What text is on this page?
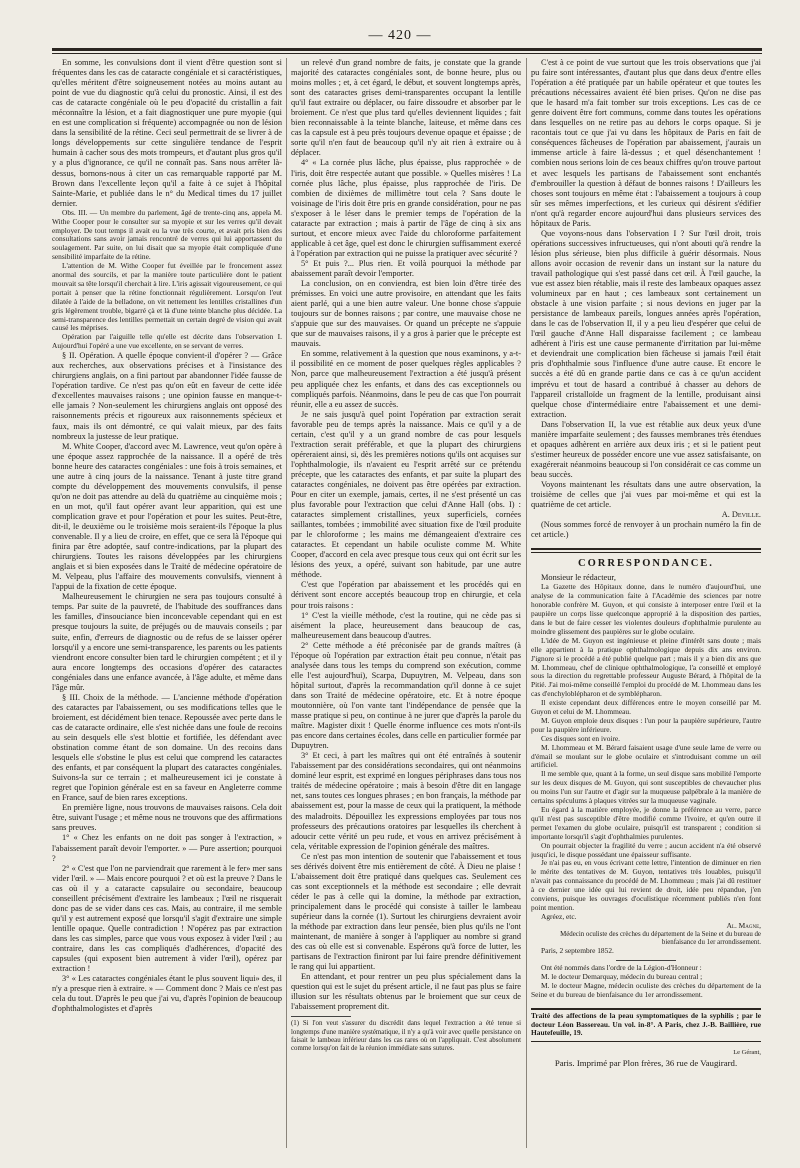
— 420 —

En somme, les convulsions dont il vient d'être question sont si fréquentes dans les cas de cataracte congéniale et si caractéristiques, qu'elles méritent d'être soigneusement notées au moins autant au point de vue du diagnostic qu'à celui du pronostic. Ainsi, il est des cas de cataracte congéniale où le peu d'opacité du cristallin a fait méconnaître la lésion, et a fait diagnostiquer une pure myopie (qui en est une complication si fréquente) accompagnée ou non de lésion dans la sensibilité de la rétine. Ceci seul permettrait de se livrer à de longs développements sur cette singulière tendance de l'esprit humain à cacher sous des mots trompeurs, et d'autant plus gros qu'il y a plus d'ignorance, ce qu'il ne connaît pas. Sans nous arrêter là-dessus, bornons-nous à citer un cas remarquable rapporté par M. Brown dans l'excellente leçon qu'il a faite à ce sujet à l'hôpital Sainte-Marie, et publiée dans le n° du Medical times du 17 juillet dernier.

Obs. III. — Un membre du parlement, âgé de trente-cinq ans, appela M. Withe Cooper pour le consulter sur sa myopie et sur les verres qu'il devait employer. De tout temps il avait eu la vue très courte, et avait pris bien des consultations sans avoir jamais rencontré de verres qui lui apportassent du soulagement. Par suite, on lui disait que sa myopie était compliquée d'une sensibilité imparfaite de la rétine.

L'attention de M. Withe Cooper fut éveillée par le froncement assez anormal des sourcils, et par la manière toute particulière dont le patient mouvait sa tête lorsqu'il cherchait à lire. L'iris agissait vigoureusement, ce qui portait à penser que la rétine fonctionnait régulièrement. Lorsqu'on l'eut dilatée à l'aide de la belladone, on vit nettement les lentilles cristallines d'un gris légèrement trouble, bigarré çà et là d'une teinte blanche plus décidée. La semi-transparence des lentilles permettait un certain degré de vision qui avait causé les méprises.

Opération par l'aiguille telle qu'elle est décrite dans l'observation I. Aujourd'hui l'opéré a une vue excellente, en se servant de verres.

§ II. Opération. A quelle époque convient-il d'opérer ? — Grâce aux recherches, aux observations précises et à l'insistance des chirurgiens anglais, on a fini partout par abandonner l'idée fausse de l'opération tardive. Ce n'est pas qu'on eût en faveur de cette idée d'excellentes mauvaises raisons ; une opinion fausse en manque-t-elle jamais ? Non-seulement les chirurgiens anglais ont opposé des raisonnements précis et rigoureux aux raisonnements spécieux et faux, mais ils ont démontré, ce qui valait mieux, par des faits nombreux la justesse de leur pratique.

M. White Cooper, d'accord avec M. Lawrence, veut qu'on opère à une époque assez rapprochée de la naissance. Il a opéré de très bonne heure des cataractes congéniales : une fois à trois semaines, et une autre à cinq jours de la naissance. Tenant à juste titre grand compte du développement des mouvements convulsifs, il pense qu'on ne doit pas attendre au delà du quatrième au cinquième mois ; en un mot, qu'il faut opérer avant leur apparition, qui est une complication grave et pour l'opération et pour les suites. Peut-être, dit-il, le deuxième ou le troisième mois seraient-ils l'époque la plus convenable. Il y a lieu de croire, en effet, que ce sera là l'époque qui finira par être adoptée, sauf contre-indications, par la plupart des chirurgiens. Toutes les raisons développées par les chirurgiens anglais et si bien exposées dans le Traité de médecine opératoire de M. Velpeau, plus l'affaire des mouvements convulsifs, viennent à l'appui de la fixation de cette époque.

Malheureusement le chirurgien ne sera pas toujours consulté à temps. Par suite de la pauvreté, de l'habitude des souffrances dans les familles, d'insouciance bien inconcevable cependant qui en est presque toujours la suite, de préjugés ou de mauvais conseils ; par suite, enfin, d'erreurs de diagnostic ou de refus de se laisser opérer lorsqu'il y a encore une semi-transparence, les parents ou les patients viendront encore consulter bien tard le chirurgien compétent ; et il y aura encore longtemps des occasions d'opérer des cataractes congéniales dans une enfance avancée, à l'âge adulte, et même dans l'âge mûr.

§ III. Choix de la méthode. — L'ancienne méthode d'opération des cataractes par l'abaissement, ou ses modifications telles que le broiement, est décidément bien tenace. Repoussée avec perte dans le cas de cataracte ordinaire, elle s'est nichée dans une foule de recoins au sein desquels elle s'est blottie et fortifiée, les défendant avec obstination comme étant de son domaine. Un des recoins dans lesquels elle s'obstine le plus est celui que comprend les cataractes des enfants, et par conséquent la plupart des cataractes congéniales. Suivons-la sur ce terrain ; et malheureusement ici je constate à regret que l'opinion générale est en sa faveur en Angleterre comme en France, sauf de bien rares exceptions.

En première ligne, nous trouvons de mauvaises raisons. Cela doit être, suivant l'usage ; et même nous ne trouvons que des affirmations sans preuves.

1° « Chez les enfants on ne doit pas songer à l'extraction, » l'abaissement paraît devoir l'emporter. » — Pure assertion; pourquoi ?

2° « C'est que l'on ne parviendrait que rarement à le fer» mer sans vider l'œil. » — Mais encore pourquoi ? et où est la preuve ? Dans le cas où il y a cataracte capsulaire ou secondaire, beaucoup conseillent précisément d'extraire les lambeaux ; l'œil ne risquerait donc pas de se vider dans ces cas. Mais, au contraire, il me semble qu'il y est autrement exposé que lorsqu'il s'agit d'extraire une simple lentille opaque. Quelle contradiction ! N'opérez pas par extraction dans les cas simples, parce que vous vous exposez à vider l'œil ; au contraire, dans les cas compliqués d'adhérences, d'opacité des capsules (qui exposent bien autrement à vider l'œil), opérez par extraction !

3° « Les cataractes congéniales étant le plus souvent liqui» des, il n'y a presque rien à extraire. » — Comment donc ? Mais ce n'est pas cela du tout. D'après le peu que j'ai vu, d'après l'opinion de beaucoup d'ophthalmologistes et d'après

un relevé d'un grand nombre de faits, je constate que la grande majorité des cataractes congéniales sont, de bonne heure, plus ou moins molles ; et, à cet égard, le début, et souvent longtemps après, sont des cataractes grises demi-transparentes occupant la lentille qu'il faut extraire ou déplacer, ou faire dissoudre et absorber par le broiement. Ce n'est que plus tard qu'elles deviennent liquides ; fait bien reconnaissable à la teinte blanche, laiteuse, et même dans ces cas la capsule est à peu près toujours devenue opaque et épaisse ; de sorte qu'il n'en faut de beaucoup qu'il n'y ait rien à extraire ou à déplacer.

4° « La cornée plus lâche, plus épaisse, plus rapprochée » de l'iris, doit être respectée autant que possible. » Quelles misères ! La cornée plus lâche, plus épaisse, plus rapprochée de l'iris. De combien de dixièmes de millimètre tout cela ? Sans doute le voisinage de l'iris doit être pris en grande considération, pour ne pas s'exposer à le léser dans le premier temps de l'opération de la cataracte par extraction ; mais à partir de l'âge de cinq à six ans surtout, et encore mieux avec l'aide du chloroforme parfaitement applicable à cet âge, quel est donc le chirurgien suffisamment exercé à l'opération par extraction qui ne puisse la pratiquer avec sécurité ?

5° Et puis ?... Plus rien. Et voilà pourquoi la méthode par abaissement paraît devoir l'emporter.

La conclusion, on en conviendra, est bien loin d'être tirée des prémisses. En voici une autre provisoire, en attendant que les faits aient parlé, qui a une bien autre valeur. Une bonne chose s'appuie toujours sur de bonnes raisons ; par contre, une mauvaise chose ne s'appuie que sur des mauvaises. Or quand un précepte ne s'appuie que sur de mauvaises raisons, il y a gros à parier que le précepte est mauvais.

En somme, relativement à la question que nous examinons, y a-t-il possibilité en ce moment de poser quelques règles applicables ? Non, parce que malheureusement l'extraction a été jusqu'à présent peu appliquée chez les enfants, et dans des cas exceptionnels ou compliqués parfois. Néanmoins, dans le peu de cas que l'on pourrait réunir, elle a eu assez de succès.

Je ne sais jusqu'à quel point l'opération par extraction serait favorable peu de temps après la naissance. Mais ce qu'il y a de certain, c'est qu'il y a un grand nombre de cas pour lesquels l'extraction serait préférable, et que la plupart des chirurgiens opéreraient ainsi, si, dès les premières notions qu'ils ont acquises sur l'ophthalmologie, ils n'avaient eu l'esprit arrêté sur ce prétendu précepte, que les cataractes des enfants, et par suite la plupart des cataractes congéniales, ne doivent pas être opérées par extraction. Pour en citer un exemple, jamais, certes, il ne s'est présenté un cas plus favorable pour l'extraction que celui d'Anne Hall (obs. I) : cataractes simplement cristallines, yeux superficiels, cornées saillantes, tombées ; immobilité avec situation fixe de l'œil produite par le chloroforme ; les mains me démangeaient d'extraire ces cataractes. Et cependant un habile oculiste comme M. White Cooper, d'accord en cela avec presque tous ceux qui ont écrit sur les lésions des yeux, a opéré, suivant son habitude, par une autre méthode.

C'est que l'opération par abaissement et les procédés qui en dérivent sont encore acceptés beaucoup trop en chirurgie, et cela pour trois raisons :

1° C'est la vieille méthode, c'est la routine, qui ne cède pas si aisément la place, heureusement dans beaucoup de cas, malheureusement dans beaucoup d'autres.

2° Cette méthode a été préconisée par de grands maîtres (à l'époque où l'opération par extraction était peu connue, n'était pas analysée dans tous les temps du comprend son exécution, comme elle l'est aujourd'hui), Scarpa, Dupuytren, M. Velpeau, dans son hôpital surtout, d'après la recommandation qu'il donne à ce sujet dans son Traité de médecine opératoire, etc. Et à notre époque moutonnière, où l'on vante tant l'indépendance de pensée que la masse pratique si peu, on continue à ne jurer que d'après la parole du maître. Magister dixit ! Quelle énorme influence ces mots n'ont-ils pas encore dans certaines écoles, dans celle en particulier formée par Dupuytren.

3° Et ceci, à part les maîtres qui ont été entraînés à soutenir l'abaissement par des considérations secondaires, qui ont néanmoins dominé leur esprit, est exprimé en longues périphrases dans tous nos traités de médecine opératoire ; mais à besoin d'être dit en langage net, sans toutes ces longues phrases ; en bon français, la méthode par abaissement est, pour la masse de ceux qui la pratiquent, la méthode des maladroits. Dépouillez les expressions employées par tous nos professeurs des précautions oratoires par lesquelles ils cherchent à adoucir cette vérité un peu rude, et vous en arrivez précisément à cela, véritable expression de l'opinion générale des maîtres.

Ce n'est pas mon intention de soutenir que l'abaissement et tous ses dérivés doivent être mis entièrement de côté. À Dieu ne plaise ! L'abaissement doit être pratiqué dans quelques cas. Seulement ces cas sont exceptionnels et la méthode est secondaire ; elle devrait céder le pas à celle qui la domine, la méthode par extraction, principalement dans le procédé qui consiste à tailler le lambeau supérieur dans la cornée (1). Surtout les chirurgiens devraient avoir la méthode par extraction dans leur pensée, bien plus qu'ils ne l'ont maintenant, de manière à songer à l'appliquer au nombre si grand des cas où elle est si convenable. Espérons qu'à force de lutter, les partisans de l'extraction finiront par lui faire prendre définitivement le rang qui lui appartient.

En attendant, et pour rentrer un peu plus spécialement dans la question qui est le sujet du présent article, il ne faut pas plus se faire illusion sur les résultats obtenus par le broiement que sur ceux de l'abaissement proprement dit.

(1) Si l'on veut s'assurer du discrédit dans lequel l'extraction a été tenue si longtemps d'une manière systématique, il n'y a qu'à voir avec quelle persistance on faisait le lambeau inférieur dans les cas rares où on l'appliquait. C'est absolument comme lorsqu'on fait de la réunion immédiate sans sutures.

C'est à ce point de vue surtout que les trois observations que j'ai pu faire sont intéressantes, d'autant plus que dans deux d'entre elles l'opération a été pratiquée par un habile opérateur et que toutes les précautions nécessaires avaient été bien prises. Qu'on ne dise pas que le hasard m'a fait tomber sur trois exceptions. Les cas de ce genre doivent être fort communs, comme dans toutes les opérations dans lesquelles on ne retire pas au dehors le corps opaque. Si je racontais tout ce que j'ai vu dans les hôpitaux de Paris en fait de conséquences fâcheuses de l'opération par abaissement, j'aurais un immense article à faire là-dessus ; et quel désenchantement ! combien nous serions loin de ces beaux chiffres qu'on trouve partout et avec lesquels les partisans de l'abaissement sont enchantés d'embrouiller la question à défaut de bonnes raisons ! D'ailleurs les choses sont toujours en même état : l'abaissement a toujours à coup sûr ses mêmes imperfections, et les curieux qui désirent s'édifier n'ont qu'à regarder encore aujourd'hui dans plusieurs services des hôpitaux de Paris.

Que voyons-nous dans l'observation I ? Sur l'œil droit, trois opérations successives infructueuses, qui n'ont abouti qu'à rendre la lésion plus sérieuse, bien plus difficile à guérir désormais. Nous allons avoir occasion de revenir dans un instant sur la nature du travail pathologique qui s'est passé dans cet œil. À l'œil gauche, la vue est assez bien rétablie, mais il reste des lambeaux opaques assez volumineux par en haut ; ces lambeaux sont certainement un obstacle à une vision parfaite ; si nous devions en juger par la persistance de lambeaux pareils, longues années après l'opération, dans le cas de l'observation II, il y a peu lieu d'espérer que celui de l'œil gauche d'Anne Hall disparaisse facilement ; ce lambeau adhérent à l'iris est une cause permanente d'irritation par lui-même et deviendrait une complication bien fâcheuse si jamais l'œil était pris d'ophthalmie sous l'influence d'une autre cause. Et encore le succès a été dû en grande partie dans ce cas à ce qu'un accident imprévu et tout de hasard a contribué à chasser au dehors de l'appareil cristalloïde un fragment de la lentille, produisant ainsi quelque chose d'intermédiaire entre l'abaissement et une demi-extraction.

Dans l'observation II, la vue est rétablie aux deux yeux d'une manière imparfaite seulement ; des fausses membranes très étendues et opaques adhèrent en arrière aux deux iris ; et si le patient peut s'estimer heureux de posséder encore une vue assez satisfaisante, on exagérerait néanmoins beaucoup si l'on considérait ce cas comme un beau succès.

Voyons maintenant les résultats dans une autre observation, la troisième de celles que j'ai vues par moi-même et qui est la quatrième de cet article.

A. Deville.

(Nous sommes forcé de renvoyer à un prochain numéro la fin de cet article.)

CORRESPONDANCE.

Monsieur le rédacteur,

La Gazette des Hôpitaux donne, dans le numéro d'aujourd'hui, une analyse de la communication faite à l'Académie des sciences par notre honorable confrère M. Guyon, et qui consiste à interposer entre l'œil et la paupière un corps lisse quelconque approprié à la disposition des parties, dans le but de faire cesser les violentes douleurs d'ophthalmie purulente au moindre glissement des paupières sur le globe oculaire.

L'idée de M. Guyon est ingénieuse et pleine d'intérêt sans doute ; mais elle appartient à la pratique ophthalmologique depuis dix ans environ. J'ignore si le procédé a été publié quelque part ; mais il y a bien dix ans que M. Lhommeau, chef de clinique ophthalmologique, l'a conseillé et employé sous la direction du regrettable professeur Auguste Bérard, à l'hôpital de la Pitié. J'ai moi-même conseillé l'emploi du procédé de M. Lhommeau dans les cas d'enchyloblépharon et de symblépharon.

Il existe cependant deux différences entre le moyen conseillé par M. Guyon et celui de M. Lhommeau.

M. Guyon emploie deux disques : l'un pour la paupière supérieure, l'autre pour la paupière inférieure.

Ces disques sont en ivoire.

M. Lhommeau et M. Bérard faisaient usage d'une seule lame de verre ou d'émail se moulant sur le globe oculaire et s'introduisant comme un œil artificiel.

Il me semble que, quant à la forme, un seul disque sans mobilité l'emporte sur les deux disques de M. Guyon, qui sont susceptibles de chevaucher plus ou moins l'un sur l'autre et d'agir sur la muqueuse palpébrale à la manière de certains spéculums à plaques vitrées sur la muqueuse vaginale.

Eu égard à la matière employée, je donne la préférence au verre, parce qu'il n'est pas susceptible d'être modifié comme l'ivoire, et qu'en outre il permet l'examen du globe oculaire, puisqu'il est transparent ; condition si importante lorsqu'il s'agit d'ophthalmies purulentes.

On pourrait objecter la fragilité du verre ; aucun accident n'a été observé jusqu'ici, le disque possédant une épaisseur suffisante.

Je n'ai pas eu, en vous écrivant cette lettre, l'intention de diminuer en rien le mérite des tentatives de M. Guyon, tentatives très louables, puisqu'il n'avait pas connaissance du procédé de M. Lhommeau ; mais j'ai dû restituer à ce dernier une idée qui lui revient de droit, idée peu répandue, j'en conviens, puisque les ouvrages d'oculistique récemment publiés n'en font point mention.

Agréez, etc.

Al. Magne,

Médecin oculiste des crèches du département de la Seine et du bureau de bienfaisance du 1er arrondissement.

Paris, 2 septembre 1852.

Ont été nommés dans l'ordre de la Légion-d'Honneur :

M. le docteur Demarquay, médecin du bureau central ;

M. le docteur Magne, médecin oculiste des crèches du département de la Seine et du bureau de bienfaisance du 1er arrondissement.

Traité des affections de la peau symptomatiques de la syphilis ; par le docteur Léon Bassereau. Un vol. in-8°. A Paris, chez J.-B. Baillière, rue Hautefeuille, 19.

Le Gérant,

Paris. Imprimé par Plon frères, 36 rue de Vaugirard.
